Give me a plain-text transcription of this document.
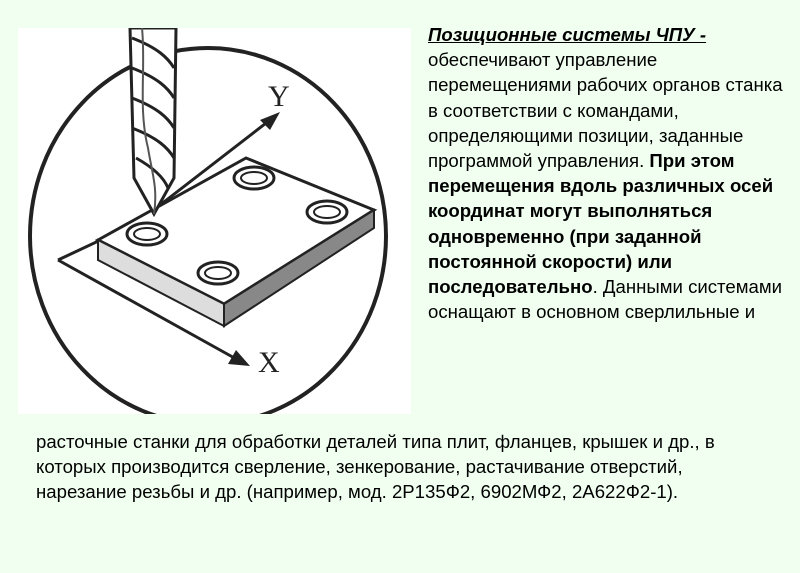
Y
X
Позиционные системы ЧПУ - обеспечивают управление перемещениями рабочих органов станка в соответствии с командами, определяющими позиции, заданные программой управления. При этом перемещения вдоль различных осей координат могут выполняться одновременно (при заданной постоянной скорости) или последовательно. Данными системами оснащают в основном сверлильные и
расточные станки для обработки деталей типа плит, фланцев, крышек и др., в которых производится сверление, зенкерование, растачивание отверстий, нарезание резьбы и др. (например, мод. 2Р135Ф2, 6902МФ2, 2А622Ф2-1).
